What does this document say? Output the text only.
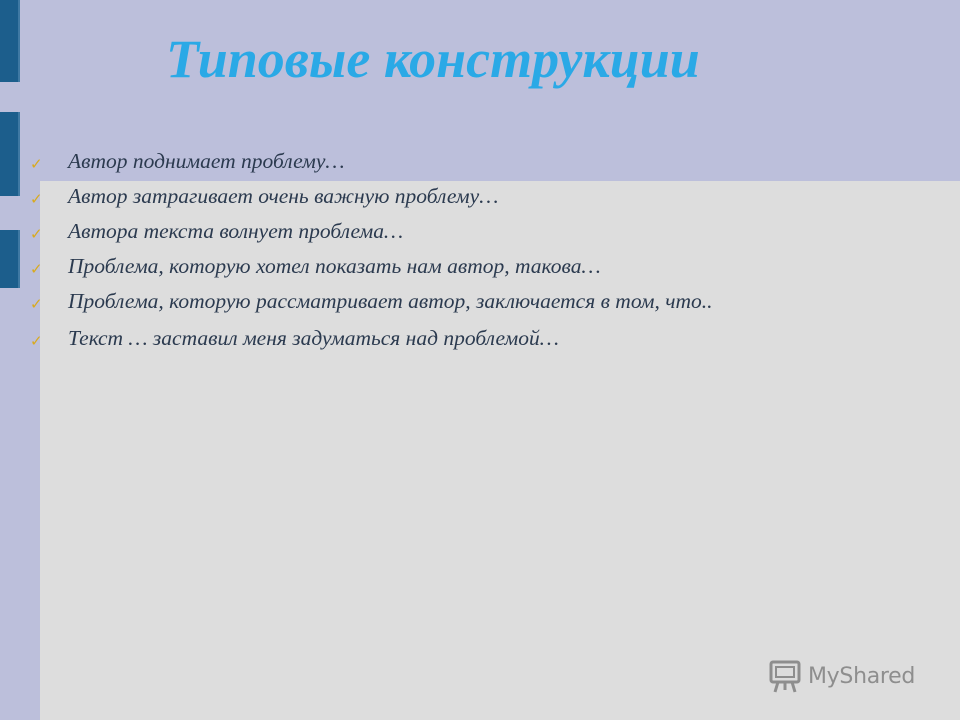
Типовые конструкции
✓ Автор поднимает проблему…
✓ Автор затрагивает очень важную проблему…
✓ Автора текста волнует проблема…
✓ Проблема, которую хотел показать нам автор, такова…
✓ Проблема, которую рассматривает автор, заключается в том, что..
✓ Текст … заставил меня задуматься над проблемой…
MyShared
